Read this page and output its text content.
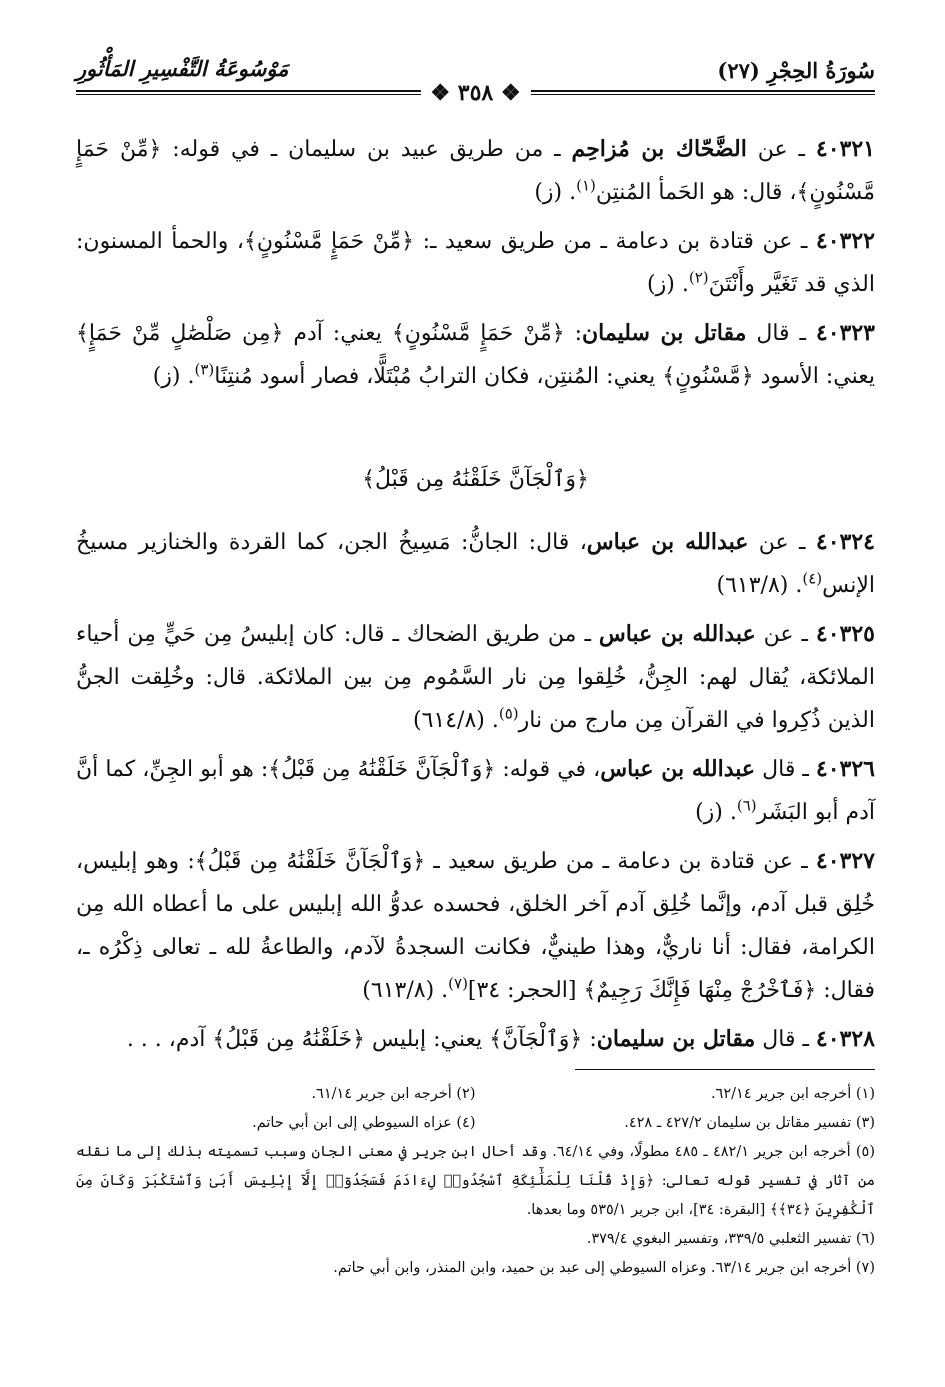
سُورَةُ الحِجْرِ (٢٧)
مَوْسُوعَةُ التَّفْسِيرِ المَأْثُورِ
❖ ٣٥٨ ❖

٤٠٣٢١ ـ عن الضَّحّاك بن مُزاحِم ـ من طريق عبيد بن سليمان ـ في قوله: ﴿مِّنْ حَمَإٍ مَّسْنُونٍ﴾، قال: هو الحَمأ المُنتِن$^{(١)}$. (ز)

٤٠٣٢٢ ـ عن قتادة بن دعامة ـ من طريق سعيد ـ: ﴿مِّنْ حَمَإٍ مَّسْنُونٍ﴾، والحمأ المسنون: الذي قد تَغَيَّر وأَنْتَنَ$^{(٢)}$. (ز)

٤٠٣٢٣ ـ قال مقاتل بن سليمان: ﴿مِّنْ حَمَإٍ مَّسْنُونٍ﴾ يعني: آدم ﴿مِن صَلْصَٰلٍ مِّنْ حَمَإٍ﴾ يعني: الأسود ﴿مَّسْنُونٍ﴾ يعني: المُنتِن، فكان الترابُ مُبْتَلًّا، فصار أسود مُنتِنًا$^{(٣)}$. (ز)

﴿وَٱلْجَآنَّ خَلَقْنَٰهُ مِن قَبْلُ﴾

٤٠٣٢٤ ـ عن عبدالله بن عباس، قال: الجانُّ: مَسِيخُ الجن، كما القردة والخنازير مسيخُ الإنس$^{(٤)}$. (٦١٣/٨)

٤٠٣٢٥ ـ عن عبدالله بن عباس ـ من طريق الضحاك ـ قال: كان إبليسُ مِن حَيٍّ مِن أحياء الملائكة، يُقال لهم: الجِنُّ، خُلِقوا مِن نار السَّمُوم مِن بين الملائكة. قال: وخُلِقت الجنُّ الذين ذُكِروا في القرآن مِن مارج من نار$^{(٥)}$. (٦١٤/٨)

٤٠٣٢٦ ـ قال عبدالله بن عباس، في قوله: ﴿وَٱلْجَآنَّ خَلَقْنَٰهُ مِن قَبْلُ﴾: هو أبو الجِنِّ، كما أنَّ آدم أبو البَشَر$^{(٦)}$. (ز)

٤٠٣٢٧ ـ عن قتادة بن دعامة ـ من طريق سعيد ـ ﴿وَٱلْجَآنَّ خَلَقْنَٰهُ مِن قَبْلُ﴾: وهو إبليس، خُلِق قبل آدم، وإنَّما خُلِق آدم آخر الخلق، فحسده عدوُّ الله إبليس على ما أعطاه الله مِن الكرامة، فقال: أنا ناريٌّ، وهذا طينيٌّ، فكانت السجدةُ لآدم، والطاعةُ لله ـ تعالى ذِكْرُه ـ، فقال: ﴿فَٱخْرُجْ مِنْهَا فَإِنَّكَ رَجِيمٌ﴾ [الحجر: ٣٤]$^{(٧)}$. (٦١٣/٨)

٤٠٣٢٨ ـ قال مقاتل بن سليمان: ﴿وَٱلْجَآنَّ﴾ يعني: إبليس ﴿خَلَقْنَٰهُ مِن قَبْلُ﴾ آدم، . . .

(١) أخرجه ابن جرير ٦٢/١٤.
(٢) أخرجه ابن جرير ٦١/١٤.
(٣) تفسير مقاتل بن سليمان ٤٢٧/٢ ـ ٤٢٨.
(٤) عزاه السيوطي إلى ابن أبي حاتم.
(٥) أخرجه ابن جرير ٤٨٢/١ ـ ٤٨٥ مطولًا، وفي ٦٤/١٤. وقد أحال ابن جرير في معنى الجان وسبب تسميته بذلك إلى ما نقله من آثار في تفسير قوله تعالى: ﴿وَإِذْ قُلْنَا لِلْمَلَٰٓئِكَةِ ٱسْجُدُوا۟ لِءَادَمَ فَسَجَدُوٓا۟ إِلَّآ إِبْلِيسَ أَبَىٰ وَٱسْتَكْبَرَ وَكَانَ مِنَ ٱلْكَٰفِرِينَ ﴿٣٤﴾﴾ [البقرة: ٣٤]، ابن جرير ٥٣٥/١ وما بعدها.
(٦) تفسير الثعلبي ٣٣٩/٥، وتفسير البغوي ٣٧٩/٤.
(٧) أخرجه ابن جرير ٦٣/١٤. وعزاه السيوطي إلى عبد بن حميد، وابن المنذر، وابن أبي حاتم.
